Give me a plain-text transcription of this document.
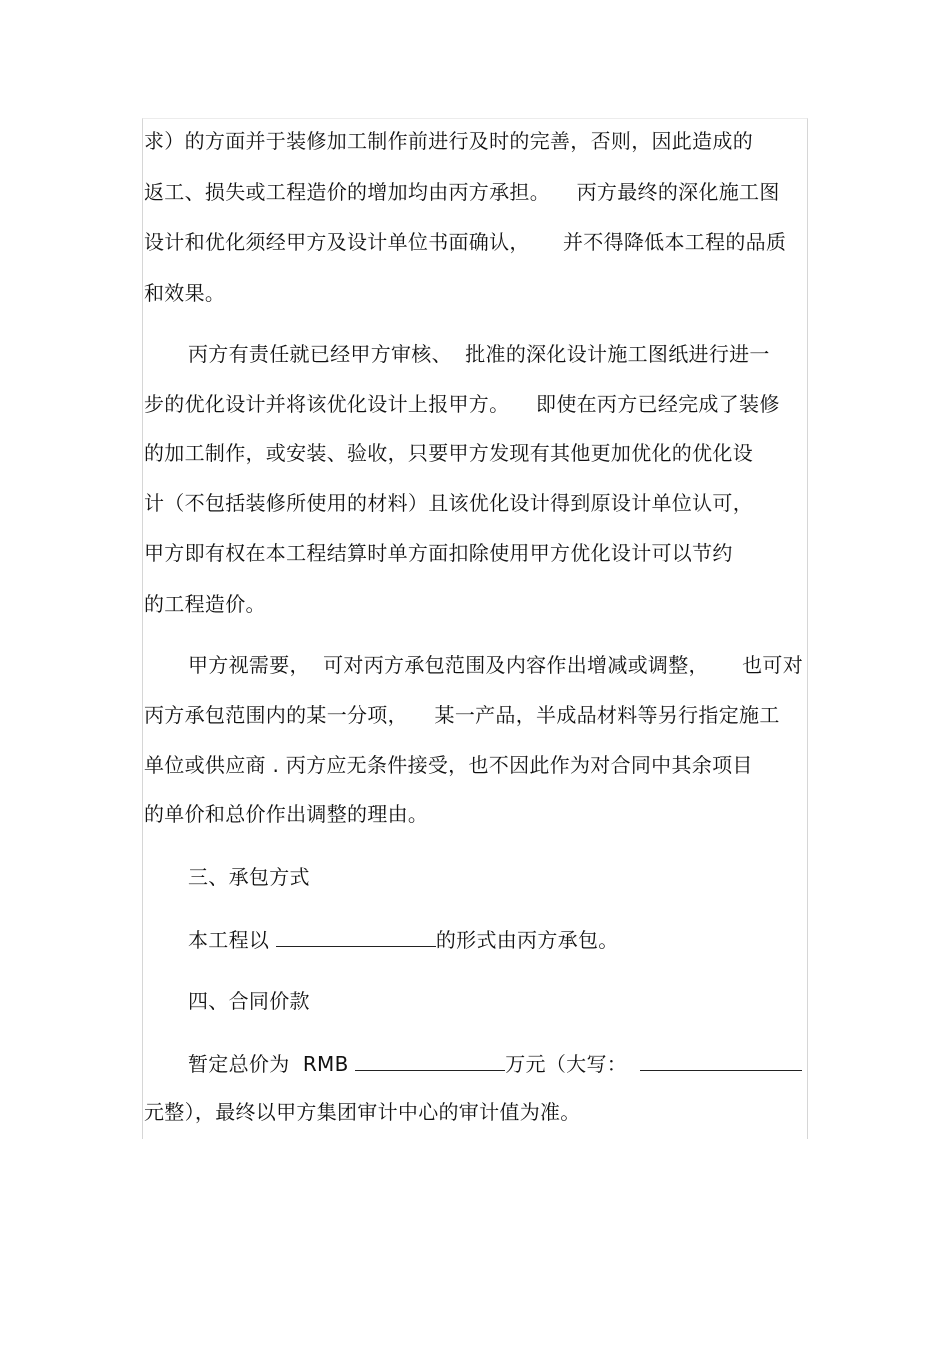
求）的方面并于装修加工制作前进行及时的完善，否则，因此造成的
返工、损失或工程造价的增加均由丙方承担。    丙方最终的深化施工图
设计和优化须经甲方及设计单位书面确认，     并不得降低本工程的品质
和效果。
丙方有责任就已经甲方审核、  批准的深化设计施工图纸进行进一
步的优化设计并将该优化设计上报甲方。    即使在丙方已经完成了装修
的加工制作，或安装、验收，只要甲方发现有其他更加优化的优化设
计（不包括装修所使用的材料）且该优化设计得到原设计单位认可，
甲方即有权在本工程结算时单方面扣除使用甲方优化设计可以节约
的工程造价。
甲方视需要，  可对丙方承包范围及内容作出增减或调整，     也可对
丙方承包范围内的某一分项，    某一产品，半成品材料等另行指定施工
单位或供应商 . 丙方应无条件接受，也不因此作为对合同中其余项目
的单价和总价作出调整的理由。
三、承包方式
本工程以	的形式由丙方承包。
四、合同价款
暂定总价为  RMB	万元（大写：
元整），最终以甲方集团审计中心的审计值为准。
